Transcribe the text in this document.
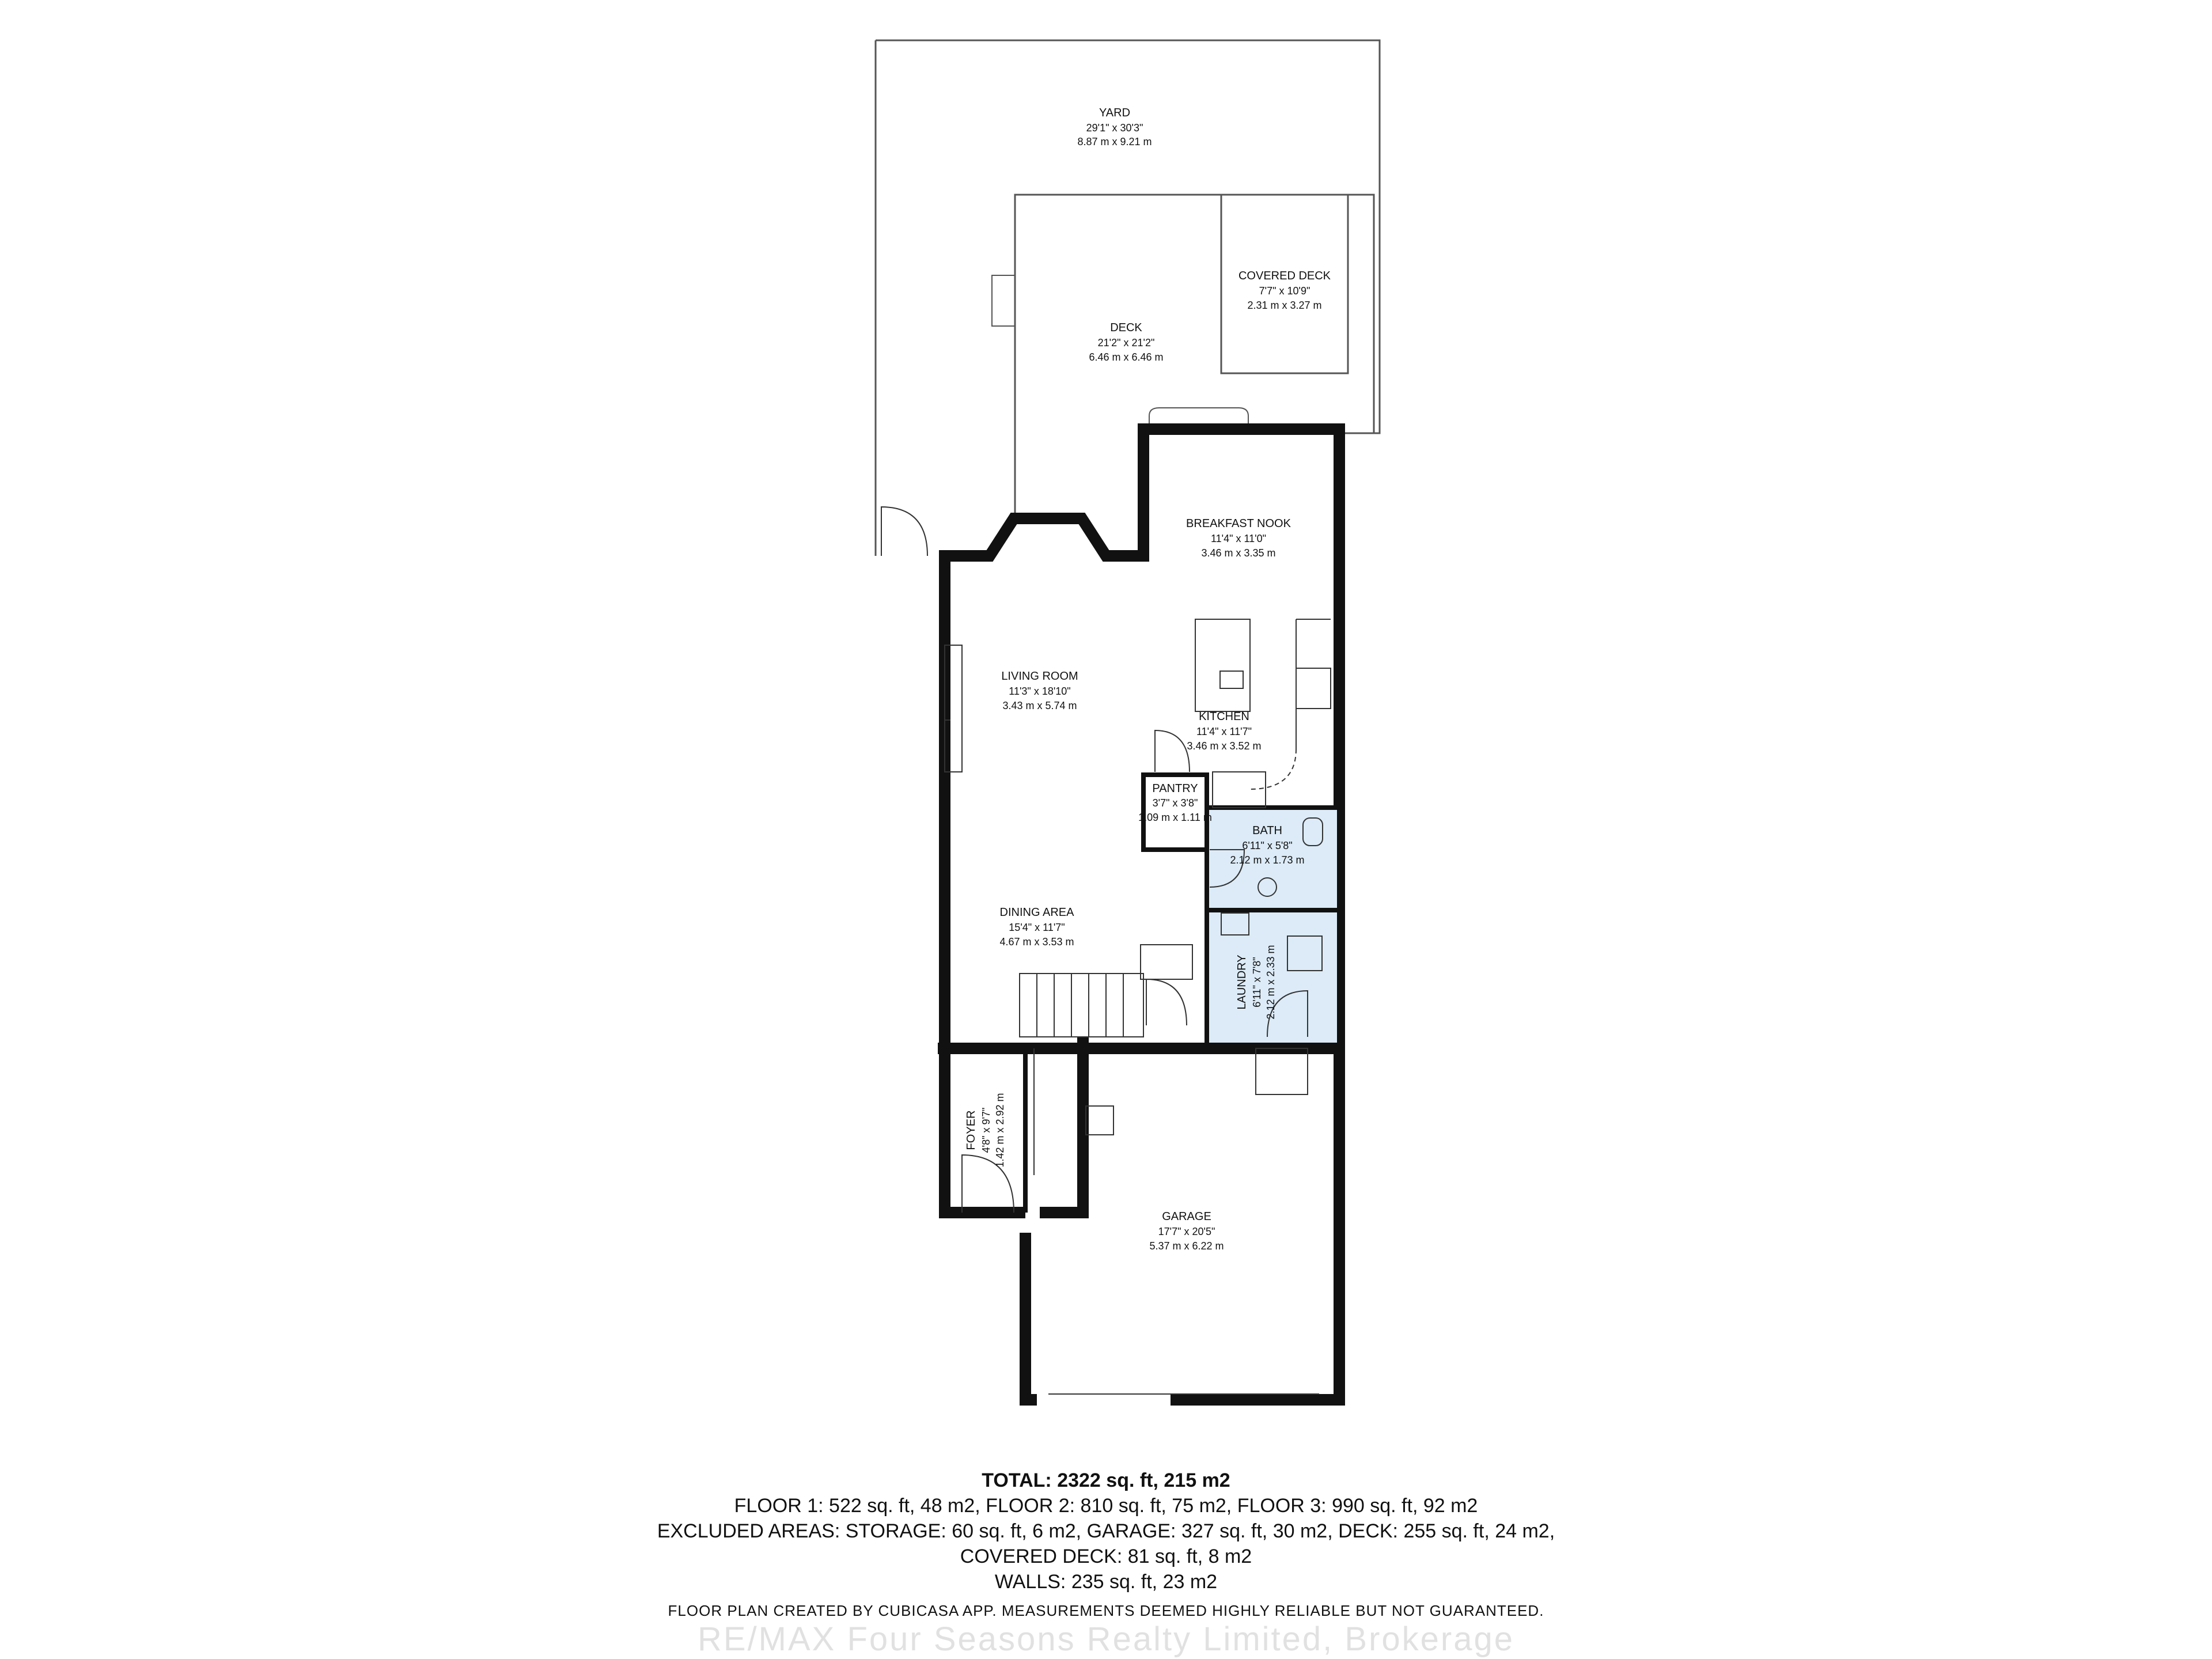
YARD
29'1" x 30'3"
8.87 m x 9.21 m
COVERED DECK
7'7" x 10'9"
2.31 m x 3.27 m
DECK
21'2" x 21'2"
6.46 m x 6.46 m
BREAKFAST NOOK
11'4" x 11'0"
3.46 m x 3.35 m
LIVING ROOM
11'3" x 18'10"
3.43 m x 5.74 m
KITCHEN
11'4" x 11'7"
3.46 m x 3.52 m
PANTRY
3'7" x 3'8"
1.09 m x 1.11 m
BATH
6'11" x 5'8"
2.12 m x 1.73 m
DINING AREA
15'4" x 11'7"
4.67 m x 3.53 m
LAUNDRY 6'11" x 7'8" 2.12 m x 2.33 m
FOYER 4'8" x 9'7" 1.42 m x 2.92 m
GARAGE
17'7" x 20'5"
5.37 m x 6.22 m
TOTAL: 2322 sq. ft, 215 m2
FLOOR 1: 522 sq. ft, 48 m2, FLOOR 2: 810 sq. ft, 75 m2, FLOOR 3: 990 sq. ft, 92 m2
EXCLUDED AREAS: STORAGE: 60 sq. ft, 6 m2, GARAGE: 327 sq. ft, 30 m2, DECK: 255 sq. ft, 24 m2,
COVERED DECK: 81 sq. ft, 8 m2
WALLS: 235 sq. ft, 23 m2
FLOOR PLAN CREATED BY CUBICASA APP. MEASUREMENTS DEEMED HIGHLY RELIABLE BUT NOT GUARANTEED.
RE/MAX Four Seasons Realty Limited, Brokerage
